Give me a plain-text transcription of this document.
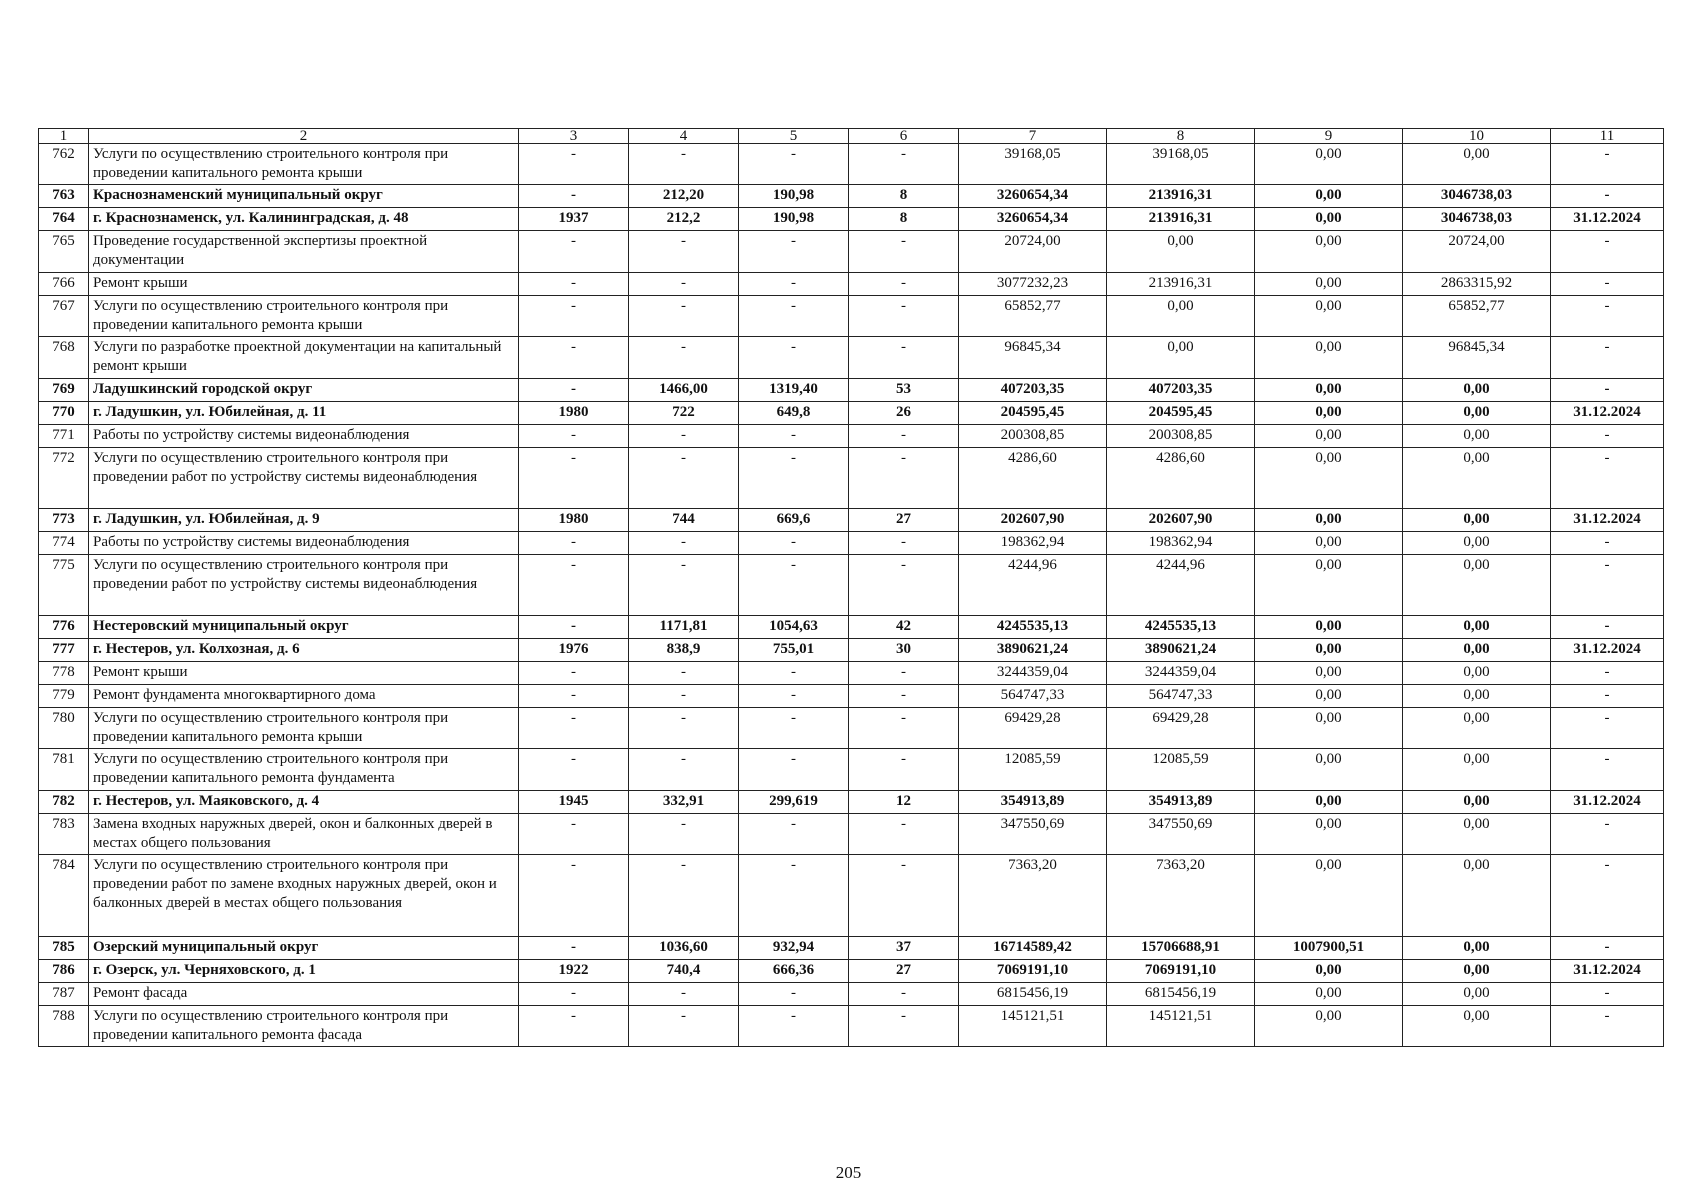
1	2	3	4	5	6	7	8	9	10	11
762	Услуги по осуществлению строительного контроля при проведении капитального ремонта крыши	-	-	-	-	39168,05	39168,05	0,00	0,00	-
763	Краснознаменский муниципальный округ	-	212,20	190,98	8	3260654,34	213916,31	0,00	3046738,03	-
764	г. Краснознаменск, ул. Калининградская, д. 48	1937	212,2	190,98	8	3260654,34	213916,31	0,00	3046738,03	31.12.2024
765	Проведение государственной экспертизы проектной документации	-	-	-	-	20724,00	0,00	0,00	20724,00	-
766	Ремонт крыши	-	-	-	-	3077232,23	213916,31	0,00	2863315,92	-
767	Услуги по осуществлению строительного контроля при проведении капитального ремонта крыши	-	-	-	-	65852,77	0,00	0,00	65852,77	-
768	Услуги по разработке проектной документации на капитальный ремонт крыши	-	-	-	-	96845,34	0,00	0,00	96845,34	-
769	Ладушкинский городской округ	-	1466,00	1319,40	53	407203,35	407203,35	0,00	0,00	-
770	г. Ладушкин, ул. Юбилейная, д. 11	1980	722	649,8	26	204595,45	204595,45	0,00	0,00	31.12.2024
771	Работы по устройству системы видеонаблюдения	-	-	-	-	200308,85	200308,85	0,00	0,00	-
772	Услуги по осуществлению строительного контроля при проведении работ по устройству системы видеонаблюдения	-	-	-	-	4286,60	4286,60	0,00	0,00	-
773	г. Ладушкин, ул. Юбилейная, д. 9	1980	744	669,6	27	202607,90	202607,90	0,00	0,00	31.12.2024
774	Работы по устройству системы видеонаблюдения	-	-	-	-	198362,94	198362,94	0,00	0,00	-
775	Услуги по осуществлению строительного контроля при проведении работ по устройству системы видеонаблюдения	-	-	-	-	4244,96	4244,96	0,00	0,00	-
776	Нестеровский муниципальный округ	-	1171,81	1054,63	42	4245535,13	4245535,13	0,00	0,00	-
777	г. Нестеров, ул. Колхозная, д. 6	1976	838,9	755,01	30	3890621,24	3890621,24	0,00	0,00	31.12.2024
778	Ремонт крыши	-	-	-	-	3244359,04	3244359,04	0,00	0,00	-
779	Ремонт фундамента многоквартирного дома	-	-	-	-	564747,33	564747,33	0,00	0,00	-
780	Услуги по осуществлению строительного контроля при проведении капитального ремонта крыши	-	-	-	-	69429,28	69429,28	0,00	0,00	-
781	Услуги по осуществлению строительного контроля при проведении капитального ремонта фундамента	-	-	-	-	12085,59	12085,59	0,00	0,00	-
782	г. Нестеров, ул. Маяковского, д. 4	1945	332,91	299,619	12	354913,89	354913,89	0,00	0,00	31.12.2024
783	Замена входных наружных дверей, окон и балконных дверей в местах общего пользования	-	-	-	-	347550,69	347550,69	0,00	0,00	-
784	Услуги по осуществлению строительного контроля при проведении работ по замене входных наружных дверей, окон и балконных дверей в местах общего пользования	-	-	-	-	7363,20	7363,20	0,00	0,00	-
785	Озерский муниципальный округ	-	1036,60	932,94	37	16714589,42	15706688,91	1007900,51	0,00	-
786	г. Озерск, ул. Черняховского, д. 1	1922	740,4	666,36	27	7069191,10	7069191,10	0,00	0,00	31.12.2024
787	Ремонт фасада	-	-	-	-	6815456,19	6815456,19	0,00	0,00	-
788	Услуги по осуществлению строительного контроля при проведении капитального ремонта фасада	-	-	-	-	145121,51	145121,51	0,00	0,00	-
205
